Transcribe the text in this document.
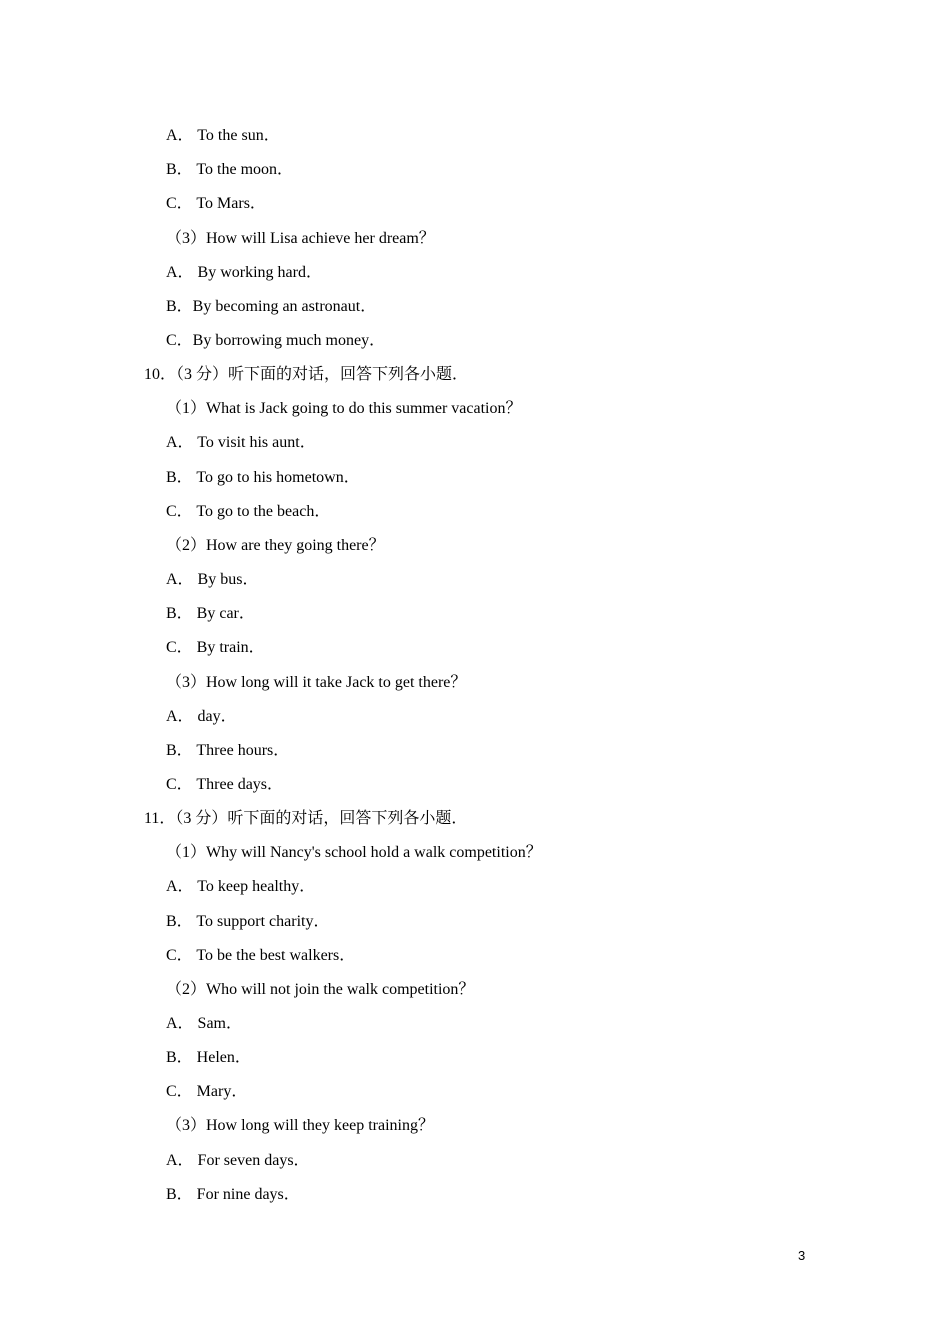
A． To the sun．
B． To the moon．
C． To Mars．
（3）How will Lisa achieve her dream？
A． By working hard．
B．By becoming an astronaut．
C．By borrowing much money．
10．（3 分）听下面的对话，回答下列各小题．
（1）What is Jack going to do this summer vacation？
A． To visit his aunt．
B． To go to his hometown．
C． To go to the beach．
（2）How are they going there？
A． By bus．
B． By car．
C． By train．
（3）How long will it take Jack to get there？
A． day．
B． Three hours．
C． Three days．
11．（3 分）听下面的对话，回答下列各小题．
（1）Why will Nancy's school hold a walk competition？
A． To keep healthy．
B． To support charity．
C． To be the best walkers．
（2）Who will not join the walk competition？
A． Sam．
B． Helen．
C． Mary．
（3）How long will they keep training？
A． For seven days．
B． For nine days．
3
